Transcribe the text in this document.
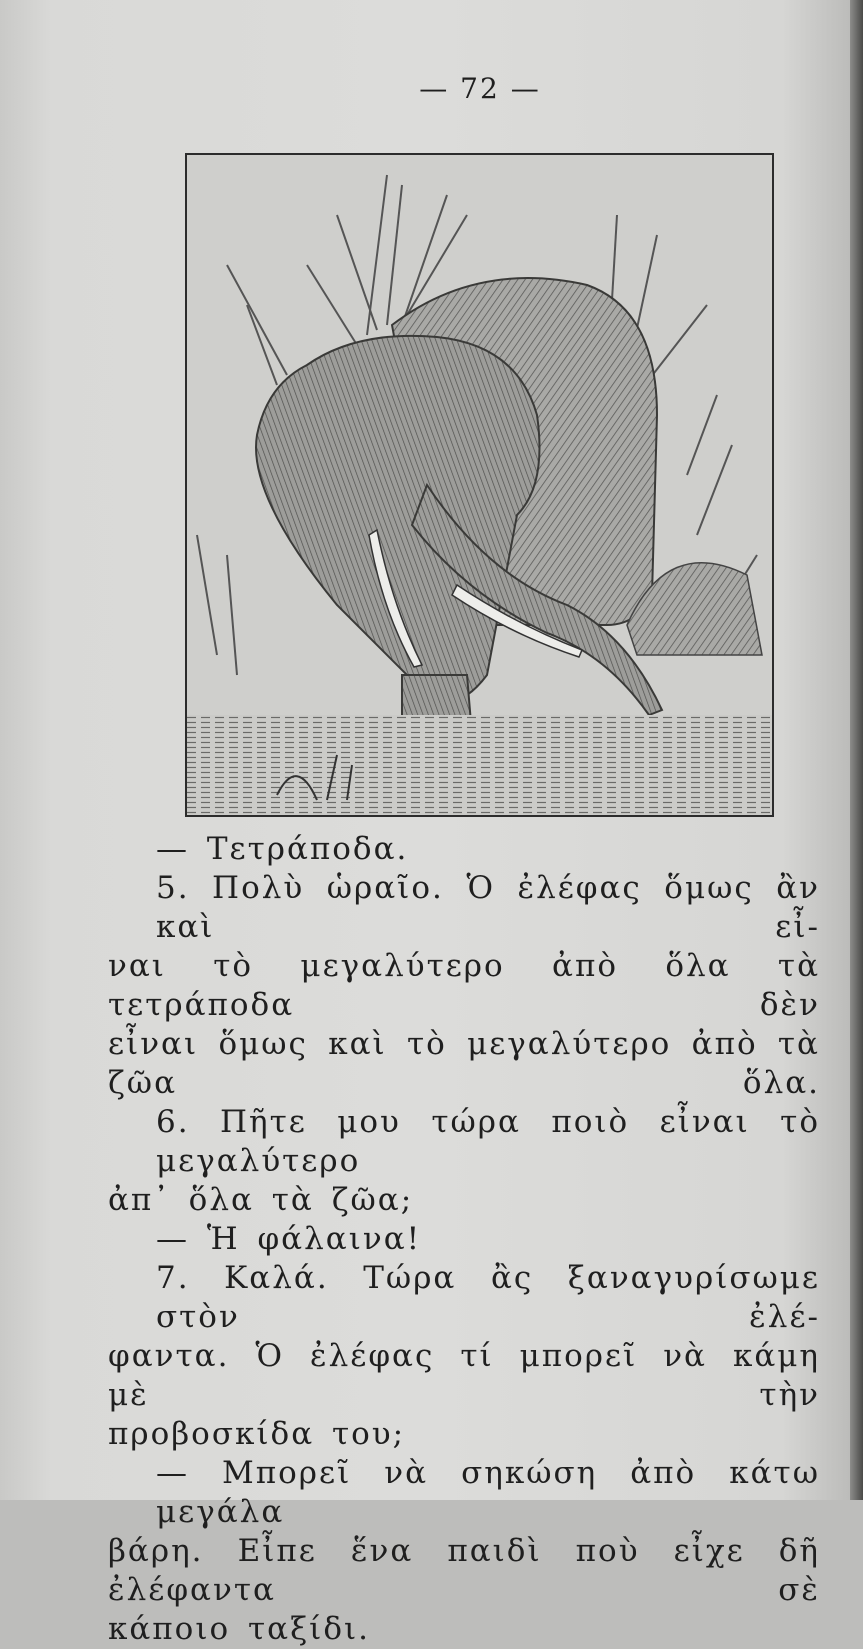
— 72 —

— Τετράποδα.

5. Πολὺ ὡραῖο. Ὁ ἐλέφας ὅμως ἂν καὶ εἶ-

ναι τὸ μεγαλύτερο ἀπὸ ὅλα τὰ τετράποδα δὲν

εἶναι ὅμως καὶ τὸ μεγαλύτερο ἀπὸ τὰ ζῶα ὅλα.

6. Πῆτε μου τώρα ποιὸ εἶναι τὸ μεγαλύτερο

ἀπ᾿ ὅλα τὰ ζῶα;

— Ἡ φάλαινα!

7. Καλά. Τώρα ἂς ξαναγυρίσωμε στὸν ἐλέ-

φαντα. Ὁ ἐλέφας τί μπορεῖ νὰ κάμη μὲ τὴν

προβοσκίδα του;

— Μπορεῖ νὰ σηκώση ἀπὸ κάτω μεγάλα

βάρη. Εἶπε ἕνα παιδὶ ποὺ εἶχε δῆ ἐλέφαντα σὲ

κάποιο ταξίδι.
